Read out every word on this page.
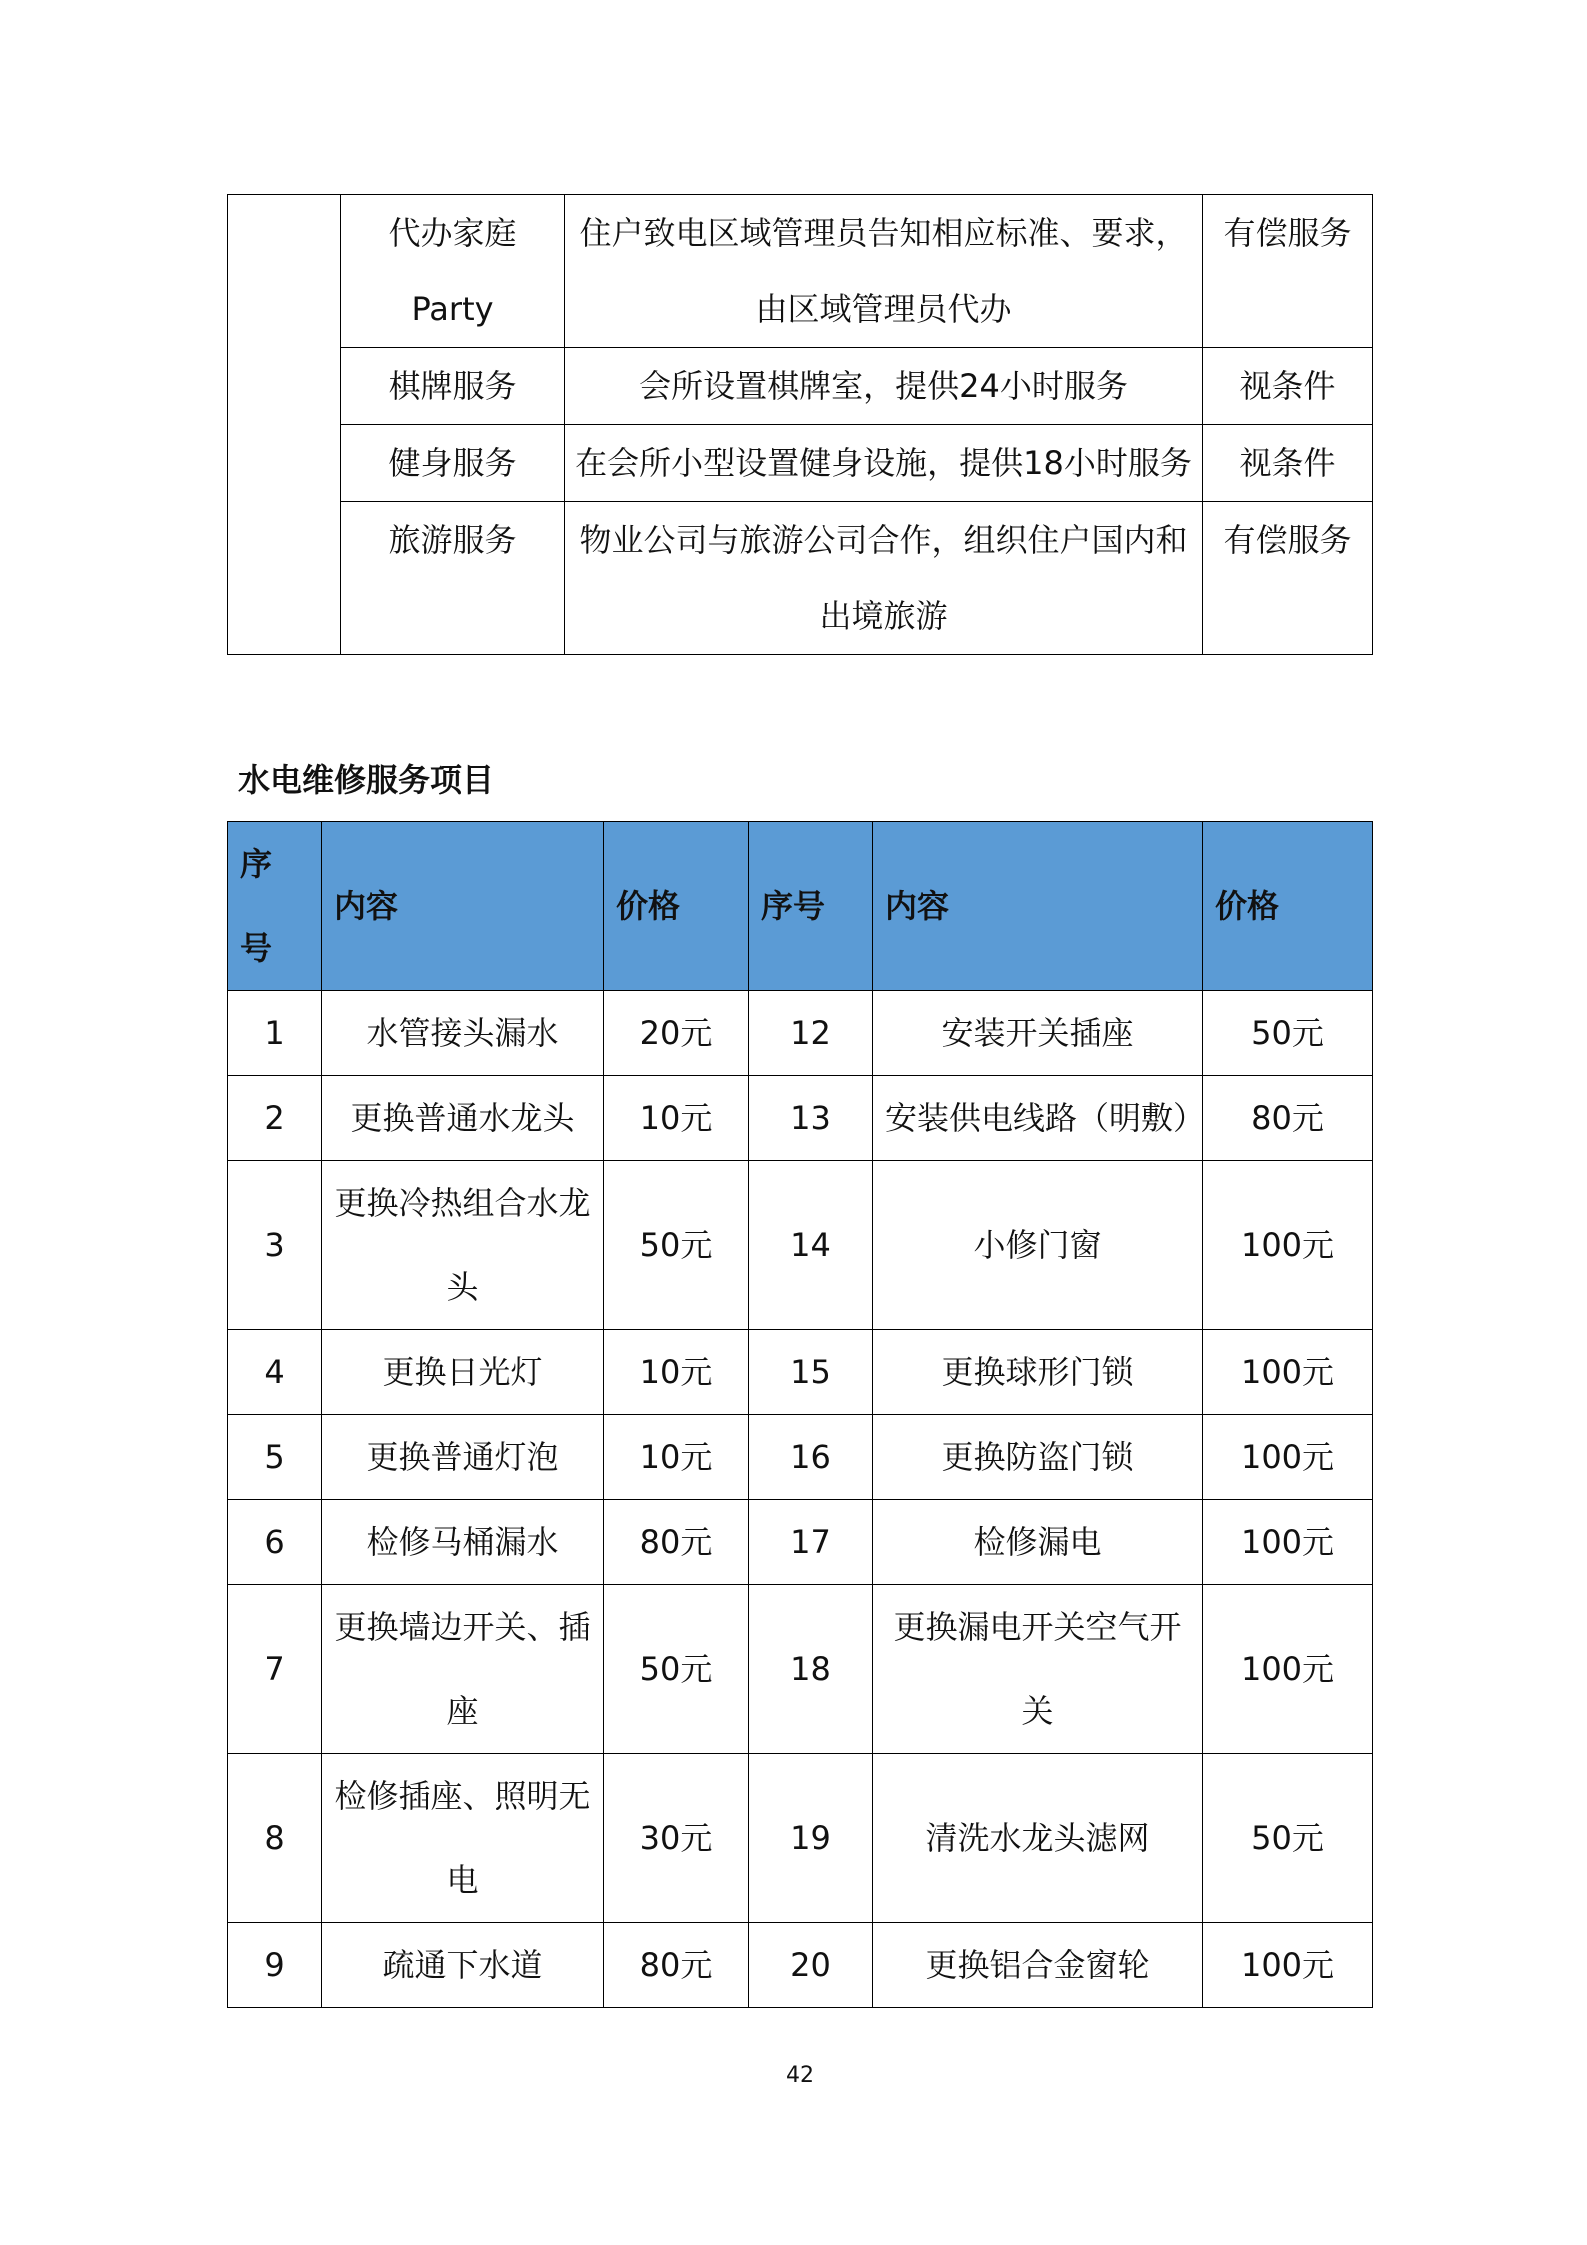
	代办家庭Party	住户致电区域管理员告知相应标准、要求，由区域管理员代办	有偿服务
	棋牌服务	会所设置棋牌室，提供24小时服务	视条件
	健身服务	在会所小型设置健身设施，提供18小时服务	视条件
	旅游服务	物业公司与旅游公司合作，组织住户国内和出境旅游	有偿服务
水电维修服务项目
序号	内容	价格	序号	内容	价格
1	水管接头漏水	20元	12	安装开关插座	50元
2	更换普通水龙头	10元	13	安装供电线路（明敷）	80元
3	更换冷热组合水龙头	50元	14	小修门窗	100元
4	更换日光灯	10元	15	更换球形门锁	100元
5	更换普通灯泡	10元	16	更换防盗门锁	100元
6	检修马桶漏水	80元	17	检修漏电	100元
7	更换墙边开关、插座	50元	18	更换漏电开关空气开关	100元
8	检修插座、照明无电	30元	19	清洗水龙头滤网	50元
9	疏通下水道	80元	20	更换铝合金窗轮	100元
42
